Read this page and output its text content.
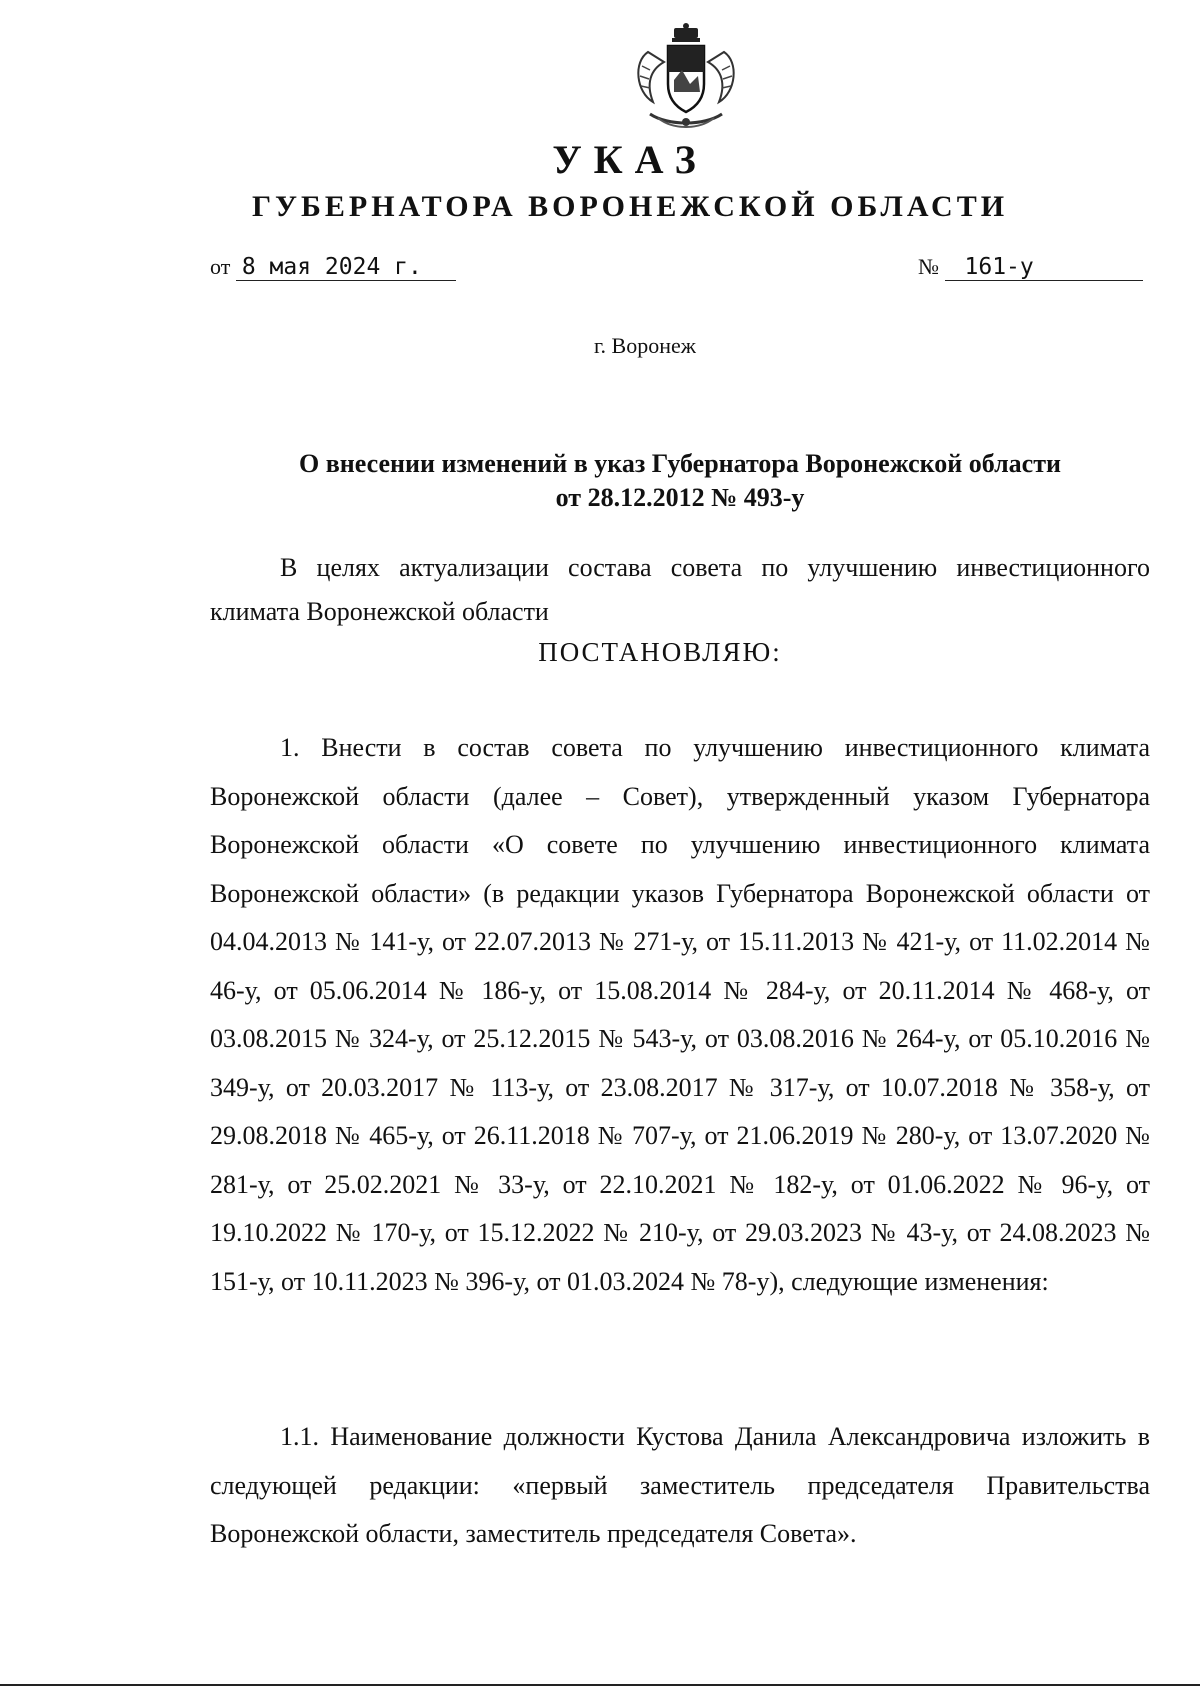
УКАЗ
ГУБЕРНАТОРА ВОРОНЕЖСКОЙ ОБЛАСТИ
от 8 мая 2024 г.	№ 161-у
г. Воронеж
О внесении изменений в указ Губернатора Воронежской области
от 28.12.2012 № 493-у
В целях актуализации состава совета по улучшению инвестиционного климата Воронежской области
ПОСТАНОВЛЯЮ:
1. Внести в состав совета по улучшению инвестиционного климата Воронежской области (далее – Совет), утвержденный указом Губернатора Воронежской области «О совете по улучшению инвестиционного климата Воронежской области» (в редакции указов Губернатора Воронежской области от 04.04.2013 № 141-у, от 22.07.2013 № 271-у, от 15.11.2013 № 421-у, от 11.02.2014 № 46-у, от 05.06.2014 № 186-у, от 15.08.2014 № 284-у, от 20.11.2014 № 468-у, от 03.08.2015 № 324-у, от 25.12.2015 № 543-у, от 03.08.2016 № 264-у, от 05.10.2016 № 349-у, от 20.03.2017 № 113-у, от 23.08.2017 № 317-у, от 10.07.2018 № 358-у, от 29.08.2018 № 465-у, от 26.11.2018 № 707-у, от 21.06.2019 № 280-у, от 13.07.2020 № 281-у, от 25.02.2021 № 33-у, от 22.10.2021 № 182-у, от 01.06.2022 № 96-у, от 19.10.2022 № 170-у, от 15.12.2022 № 210-у, от 29.03.2023 № 43-у, от 24.08.2023 № 151-у, от 10.11.2023 № 396-у, от 01.03.2024 № 78-у), следующие изменения:
1.1. Наименование должности Кустова Данила Александровича изложить в следующей редакции: «первый заместитель председателя Правительства Воронежской области, заместитель председателя Совета».
